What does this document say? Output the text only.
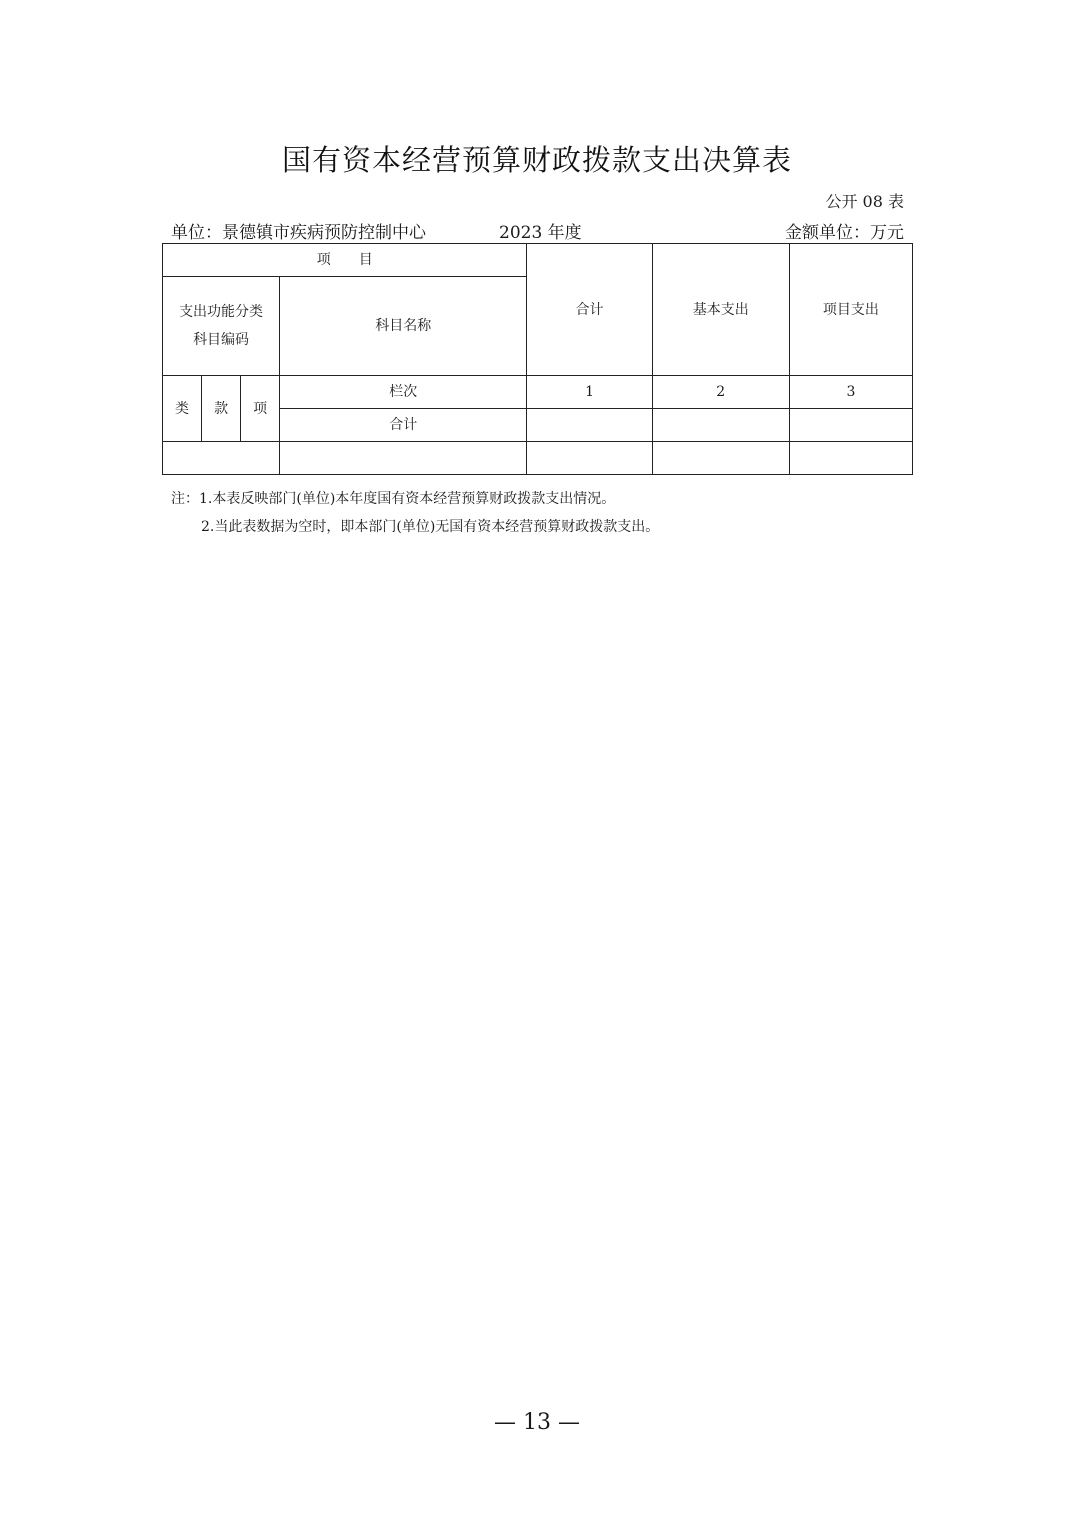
国有资本经营预算财政拨款支出决算表
公开 08 表
单位：景德镇市疾病预防控制中心	2023 年度	金额单位：万元
项　　目				合计	基本支出	项目支出

支出功能分类
科目编码			科目名称			
类	款	项	栏次	1	2	3
			合计			

注：1.本表反映部门(单位)本年度国有资本经营预算财政拨款支出情况。
2.当此表数据为空时，即本部门(单位)无国有资本经营预算财政拨款支出。
— 13 —
